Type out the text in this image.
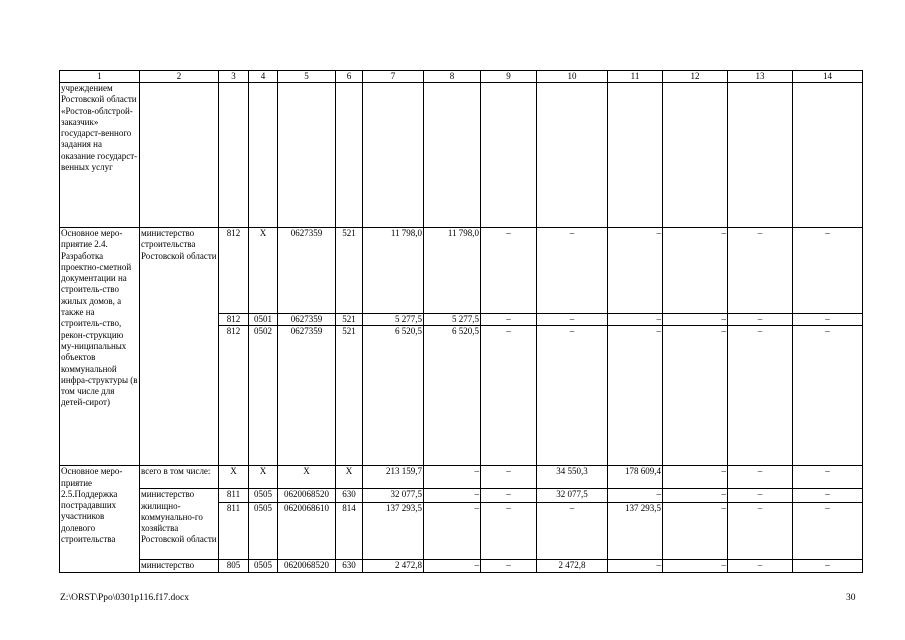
1	2	3	4	5	6	7	8	9	10	11	12	13	14
учреждением Ростовской области «Ростов-облстрой-заказчик» государст-венного задания на оказание государст-венных услуг													
Основное меро-приятие 2.4. Разработка проектно-сметной документации на строитель-ство жилых домов, а также на строитель-ство, рекон-струкцию му-ниципальных объектов коммунальной инфра-структуры (в том числе для детей-сирот)	министерство строительства Ростовской области	812	Х	0627359	521	11 798,0	11 798,0	–	–	–	–	–	–
		812	0501	0627359	521	5 277,5	5 277,5	–	–	–	–	–	–
		812	0502	0627359	521	6 520,5	6 520,5	–	–	–	–	–	–
Основное меро-приятие 2.5.Поддержка пострадавших участников долевого строительства	всего в том числе:	Х	Х	Х	Х	213 159,7	–	–	34 550,3	178 609,4	–	–	–
	министерство жилищно-коммунально-го хозяйства Ростовской области	811	0505	0620068520	630	32 077,5	–	–	32 077,5	–	–	–	–
		811	0505	0620068610	814	137 293,5	–	–	–	137 293,5	–	–	–
	министерство	805	0505	0620068520	630	2 472,8	–	–	2 472,8	–	–	–	–
Z:\ORST\Ppo\0301p116.f17.docx	30
